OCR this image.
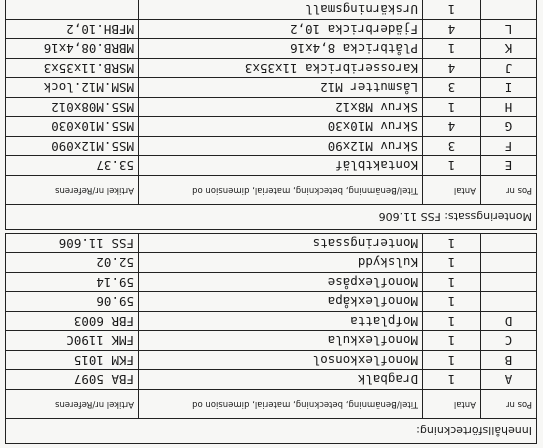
Innehållsförteckning:			
Pos nr	Antal	Titel/Benämning, beteckning, material, dimension od	Artikel nr/Referens
A	1	Dragbalk	FBA 5097
B	1	Monoflexkonsol	FKM 1015
C	1	Monoflexkula	FMK 1190C
D	1	Mofplatta	FBR 6003
	1	Monoflexkåpa	59.06
	1	Monoflexpåse	59.14
	1	Kulskydd	52.02
	1	Monteringssats	FSS 11.606

Monteringssats: FSS 11.606			
Pos nr	Antal	Titel/Benämning, beteckning, material, dimension od	Artikel nr/Referens
E	1	Kontaktbläf	53.37
F	3	Skruv M12x90	MS5.M12x090
G	4	Skruv M10x30	MS5.M10x030
H	1	Skruv M8x12	MS5.M08x012
I	3	Låsmutter M12	MSM.M12.lock
J	4	Karosseribricka 11x35x3	MSRB.11x35x3
K	1	Plåtbricka 8,4x16	MBRB.08,4x16
L	4	Fjäderbricka 10,2	MFBH.10,2
	1	Urskärningsmall	
